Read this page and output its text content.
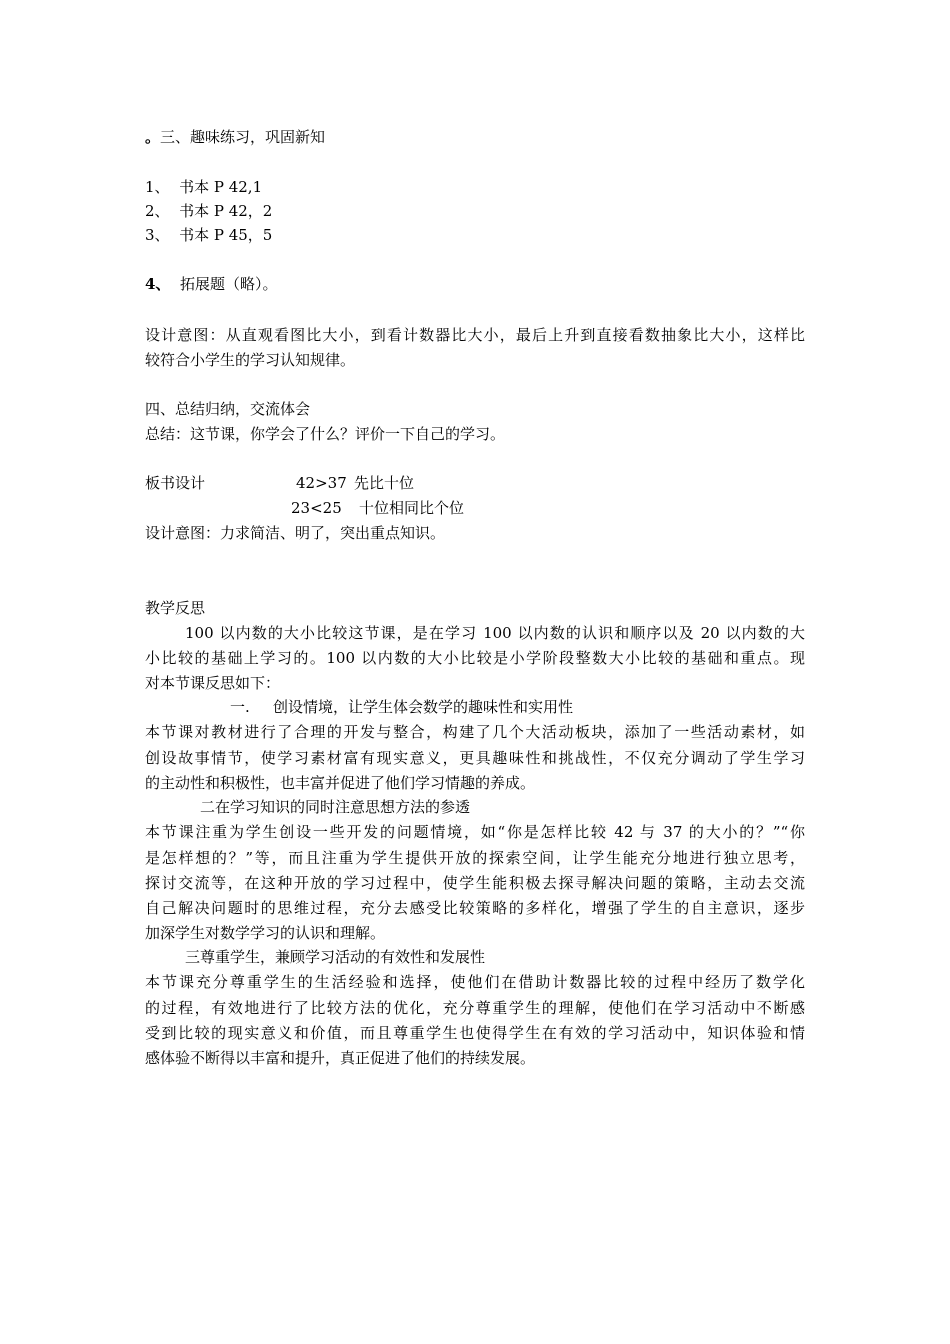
。三、趣味练习，巩固新知
1、 书本 P 42,1
2、 书本 P 42，2
3、 书本 P 45，5
4、 拓展题（略）。
设计意图：从直观看图比大小，到看计数器比大小，最后上升到直接看数抽象比大小，这样比
较符合小学生的学习认知规律。
四、总结归纳，交流体会
总结：这节课，你学会了什么？评价一下自己的学习。
板书设计	42>37 先比十位
23<25 十位相同比个位
设计意图：力求简洁、明了，突出重点知识。
教学反思
100 以内数的大小比较这节课，是在学习 100 以内数的认识和顺序以及 20 以内数的大
小比较的基础上学习的。100 以内数的大小比较是小学阶段整数大小比较的基础和重点。现
对本节课反思如下：
一. 创设情境，让学生体会数学的趣味性和实用性
本节课对教材进行了合理的开发与整合，构建了几个大活动板块，添加了一些活动素材，如
创设故事情节，使学习素材富有现实意义，更具趣味性和挑战性，不仅充分调动了学生学习
的主动性和积极性，也丰富并促进了他们学习情趣的养成。
二在学习知识的同时注意思想方法的参透
本节课注重为学生创设一些开发的问题情境，如“你是怎样比较 42 与 37 的大小的？”“你
是怎样想的？”等，而且注重为学生提供开放的探索空间，让学生能充分地进行独立思考，
探讨交流等，在这种开放的学习过程中，使学生能积极去探寻解决问题的策略，主动去交流
自己解决问题时的思维过程，充分去感受比较策略的多样化，增强了学生的自主意识，逐步
加深学生对数学学习的认识和理解。
三尊重学生，兼顾学习活动的有效性和发展性
本节课充分尊重学生的生活经验和选择，使他们在借助计数器比较的过程中经历了数学化
的过程，有效地进行了比较方法的优化，充分尊重学生的理解，使他们在学习活动中不断感
受到比较的现实意义和价值，而且尊重学生也使得学生在有效的学习活动中，知识体验和情
感体验不断得以丰富和提升，真正促进了他们的持续发展。
